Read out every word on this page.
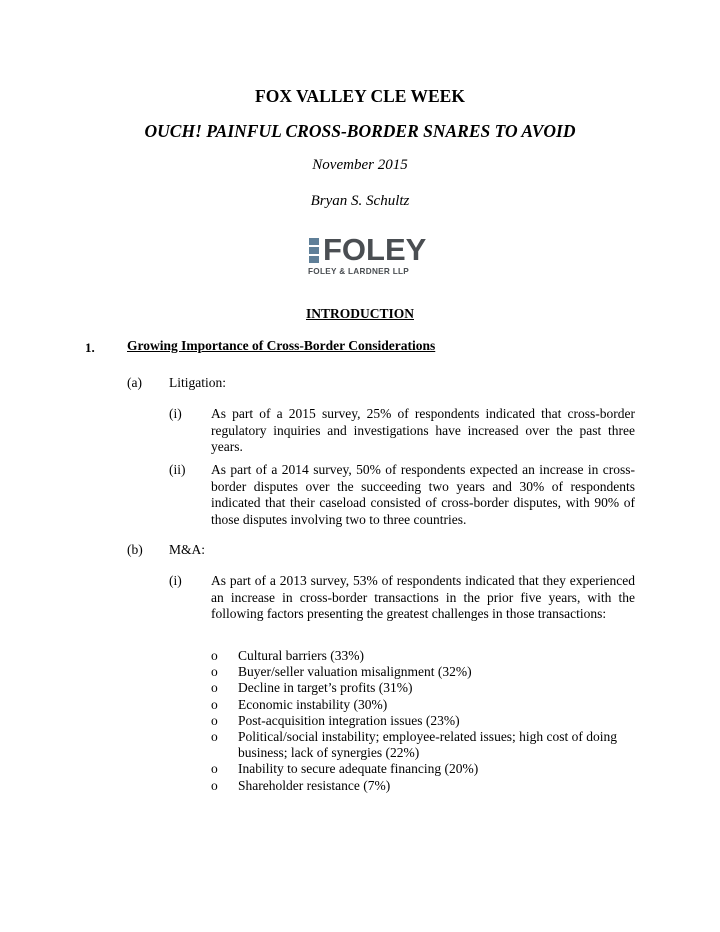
FOX VALLEY CLE WEEK
OUCH! PAINFUL CROSS-BORDER SNARES TO AVOID
November 2015
Bryan S. Schultz
FOLEY
FOLEY & LARDNER LLP
INTRODUCTION
1. Growing Importance of Cross-Border Considerations
(a) Litigation:
(i) As part of a 2015 survey, 25% of respondents indicated that cross-border regulatory inquiries and investigations have increased over the past three years.
(ii) As part of a 2014 survey, 50% of respondents expected an increase in cross-border disputes over the succeeding two years and 30% of respondents indicated that their caseload consisted of cross-border disputes, with 90% of those disputes involving two to three countries.
(b) M&A:
(i) As part of a 2013 survey, 53% of respondents indicated that they experienced an increase in cross-border transactions in the prior five years, with the following factors presenting the greatest challenges in those transactions:
o Cultural barriers (33%)
o Buyer/seller valuation misalignment (32%)
o Decline in target’s profits (31%)
o Economic instability (30%)
o Post-acquisition integration issues (23%)
o Political/social instability; employee-related issues; high cost of doing business; lack of synergies (22%)
o Inability to secure adequate financing (20%)
o Shareholder resistance (7%)
